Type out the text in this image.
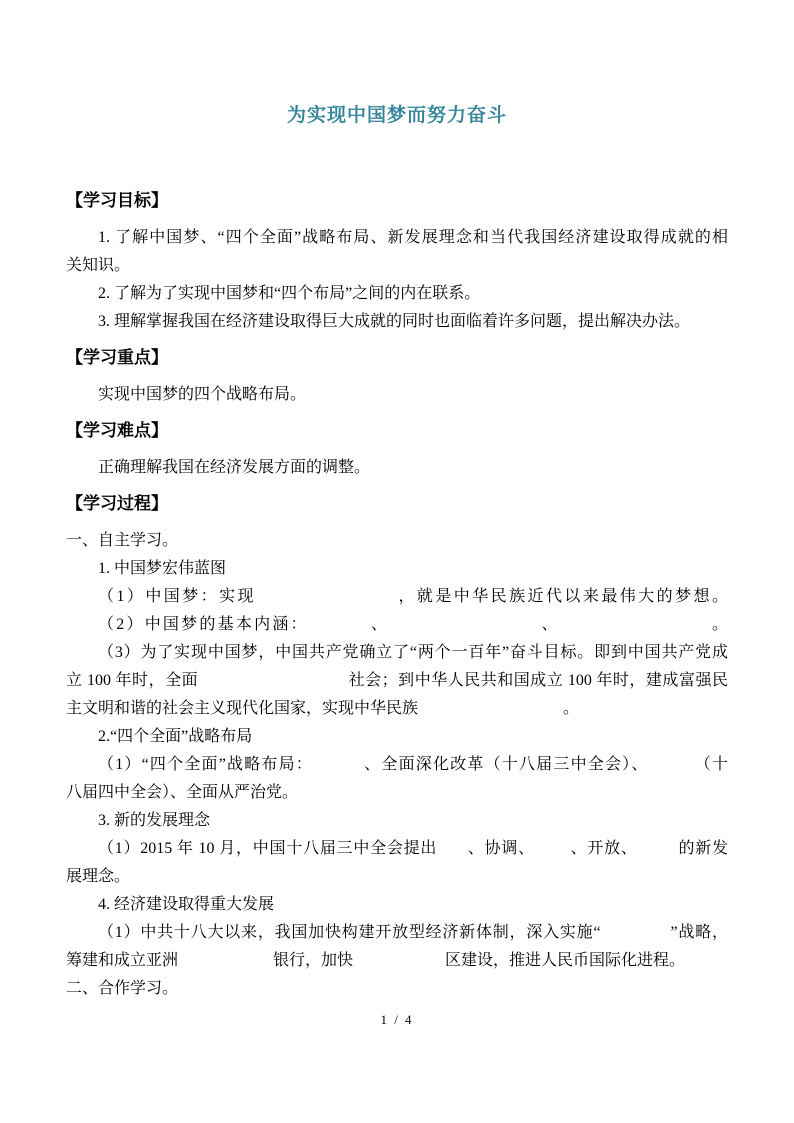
为实现中国梦而努力奋斗
【学习目标】
1. 了解中国梦、“四个全面”战略布局、新发展理念和当代我国经济建设取得成就的相
关知识。
2. 了解为了实现中国梦和“四个布局”之间的内在联系。
3. 理解掌握我国在经济建设取得巨大成就的同时也面临着许多问题，提出解决办法。
【学习重点】
实现中国梦的四个战略布局。
【学习难点】
正确理解我国在经济发展方面的调整。
【学习过程】
一、自主学习。
1. 中国梦宏伟蓝图
（1）中国梦：实现	，就是中华民族近代以来最伟大的梦想。
（2）中国梦的基本内涵：	、	、	。
（3）为了实现中国梦，中国共产党确立了“两个一百年”奋斗目标。即到中国共产党成
立 100 年时，全面	社会；到中华人民共和国成立 100 年时，建成富强民
主文明和谐的社会主义现代化国家，实现中华民族	。
2.“四个全面”战略布局
（1）“四个全面”战略布局：	、全面深化改革（十八届三中全会）、	（十
八届四中全会）、全面从严治党。
3. 新的发展理念
（1）2015 年 10 月，中国十八届三中全会提出 、协调、 、开放、	的新发
展理念。
4. 经济建设取得重大发展
（1）中共十八大以来，我国加快构建开放型经济新体制，深入实施“	”战略，
筹建和成立亚洲	银行，加快	区建设，推进人民币国际化进程。
二、合作学习。
1 / 4
